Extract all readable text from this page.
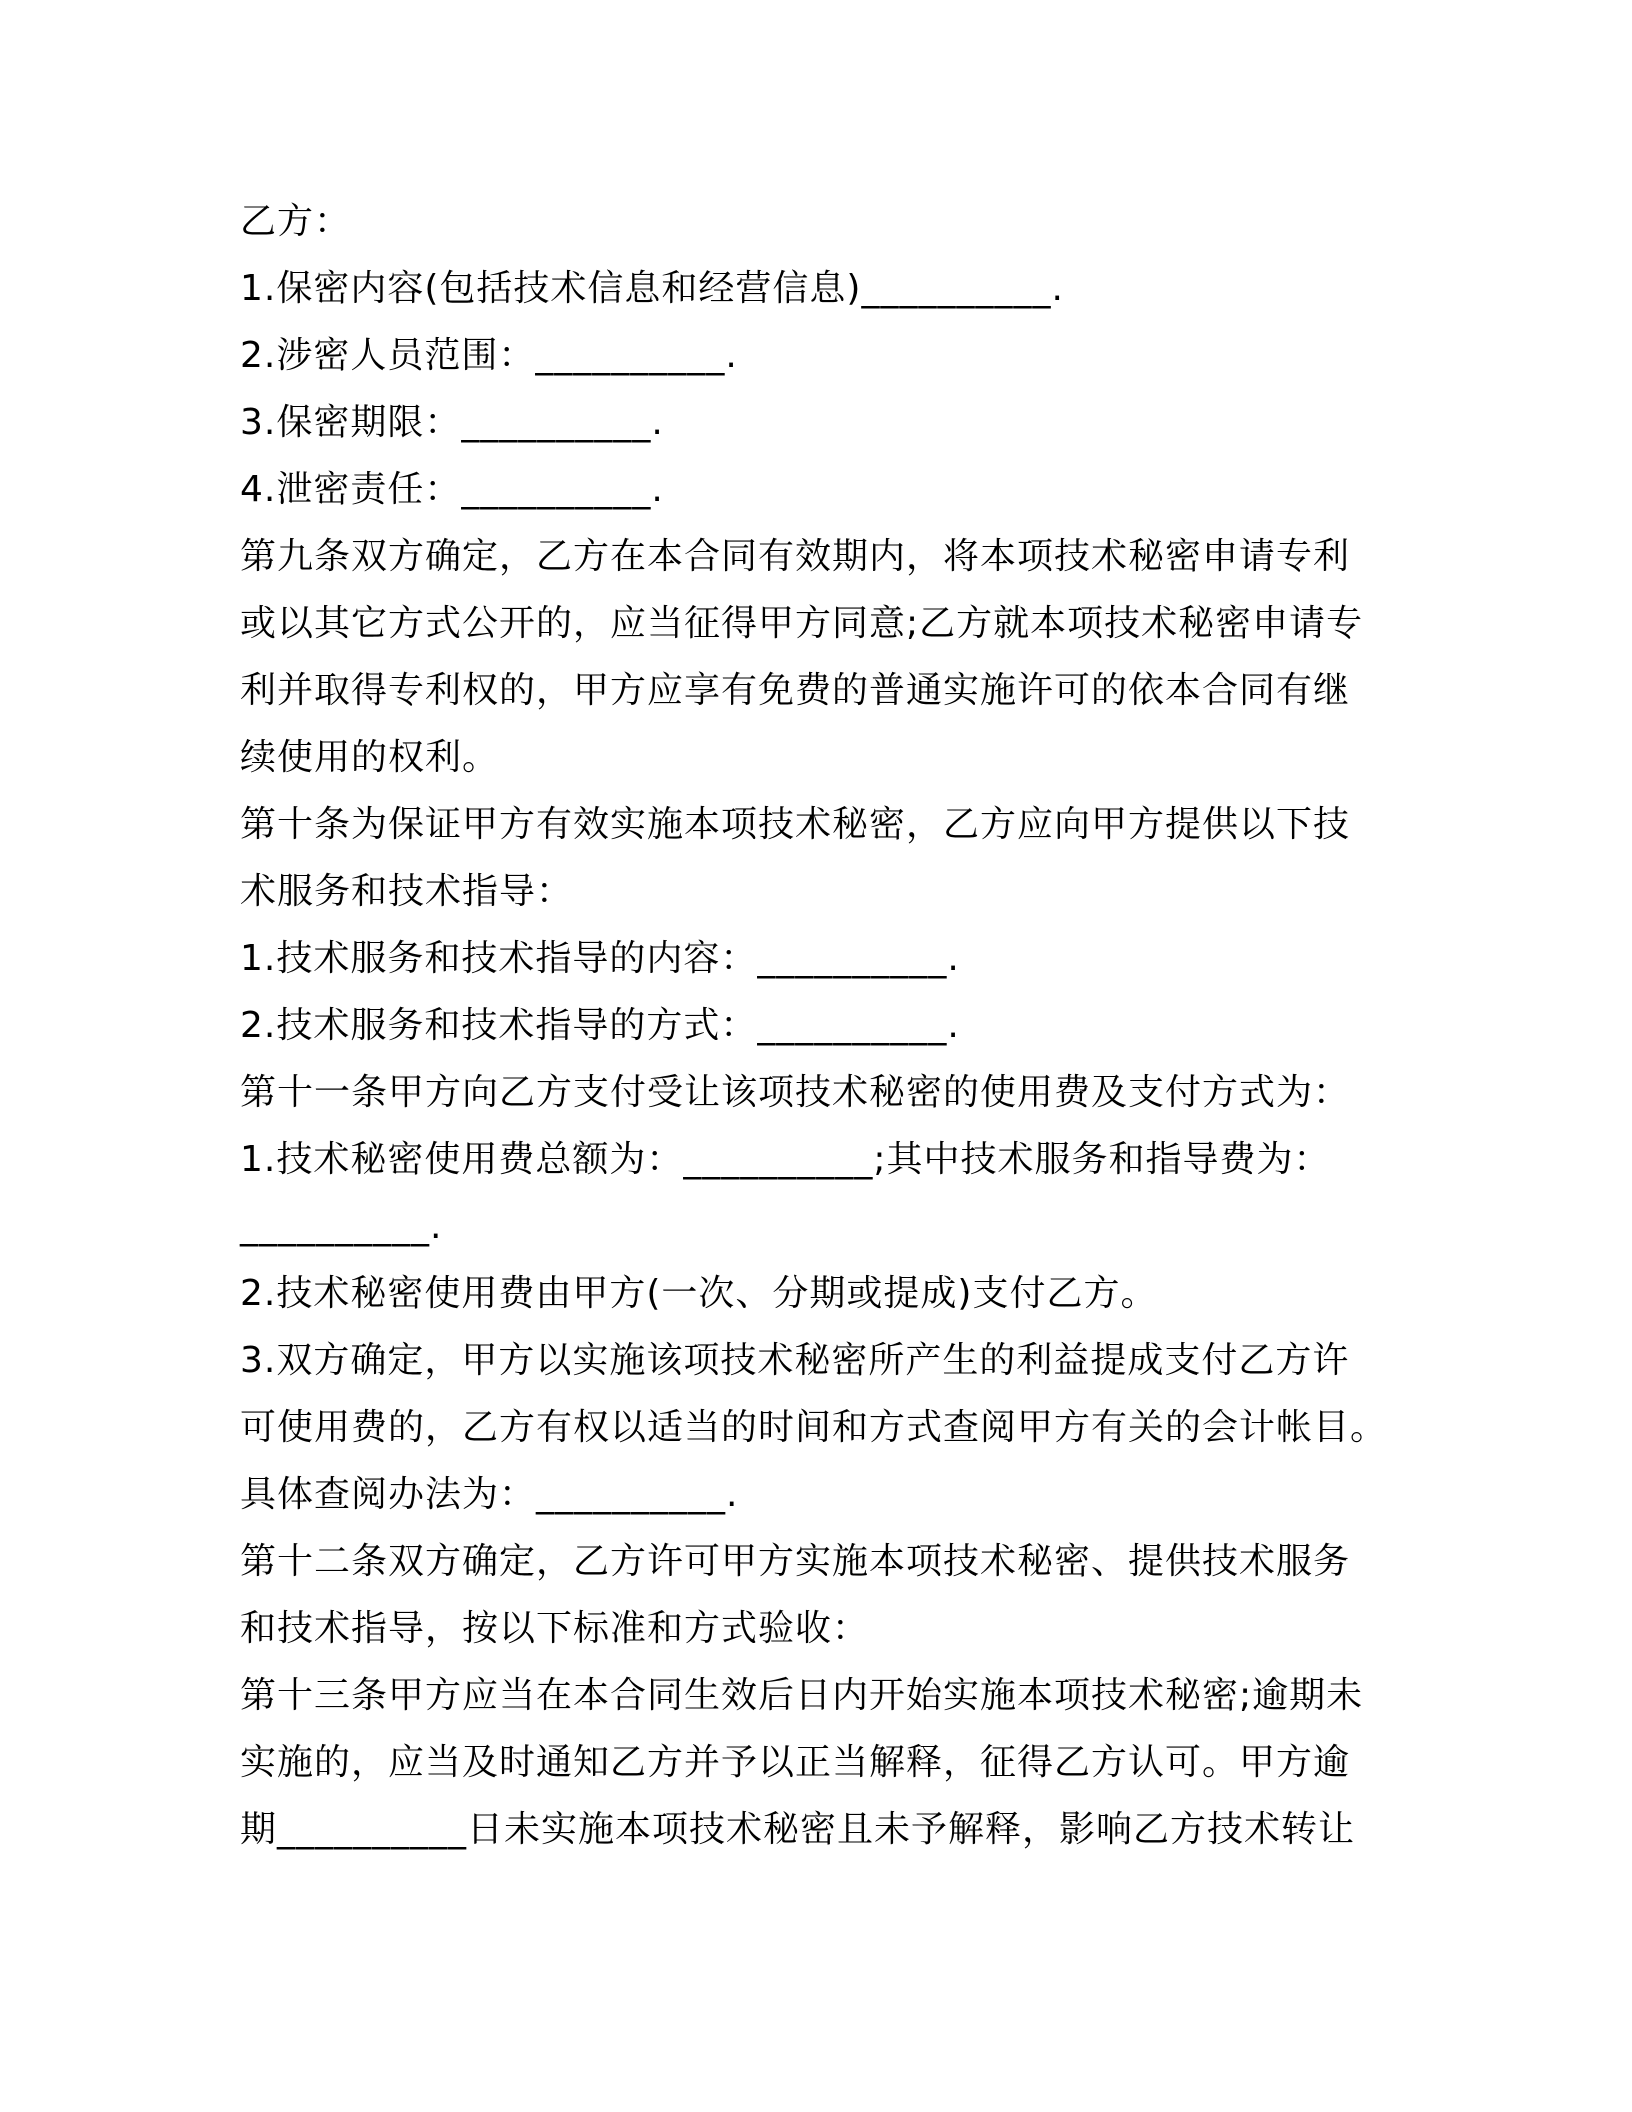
乙方：
1.保密内容(包括技术信息和经营信息)__________.
2.涉密人员范围：__________.
3.保密期限：__________.
4.泄密责任：__________.
第九条双方确定，乙方在本合同有效期内，将本项技术秘密申请专利
或以其它方式公开的，应当征得甲方同意;乙方就本项技术秘密申请专
利并取得专利权的，甲方应享有免费的普通实施许可的依本合同有继
续使用的权利。
第十条为保证甲方有效实施本项技术秘密，乙方应向甲方提供以下技
术服务和技术指导：
1.技术服务和技术指导的内容：__________.
2.技术服务和技术指导的方式：__________.
第十一条甲方向乙方支付受让该项技术秘密的使用费及支付方式为：
1.技术秘密使用费总额为：__________;其中技术服务和指导费为：
__________.
2.技术秘密使用费由甲方(一次、分期或提成)支付乙方。
3.双方确定，甲方以实施该项技术秘密所产生的利益提成支付乙方许
可使用费的，乙方有权以适当的时间和方式查阅甲方有关的会计帐目。
具体查阅办法为：__________.
第十二条双方确定，乙方许可甲方实施本项技术秘密、提供技术服务
和技术指导，按以下标准和方式验收：
第十三条甲方应当在本合同生效后日内开始实施本项技术秘密;逾期未
实施的，应当及时通知乙方并予以正当解释，征得乙方认可。甲方逾
期__________日未实施本项技术秘密且未予解释，影响乙方技术转让
